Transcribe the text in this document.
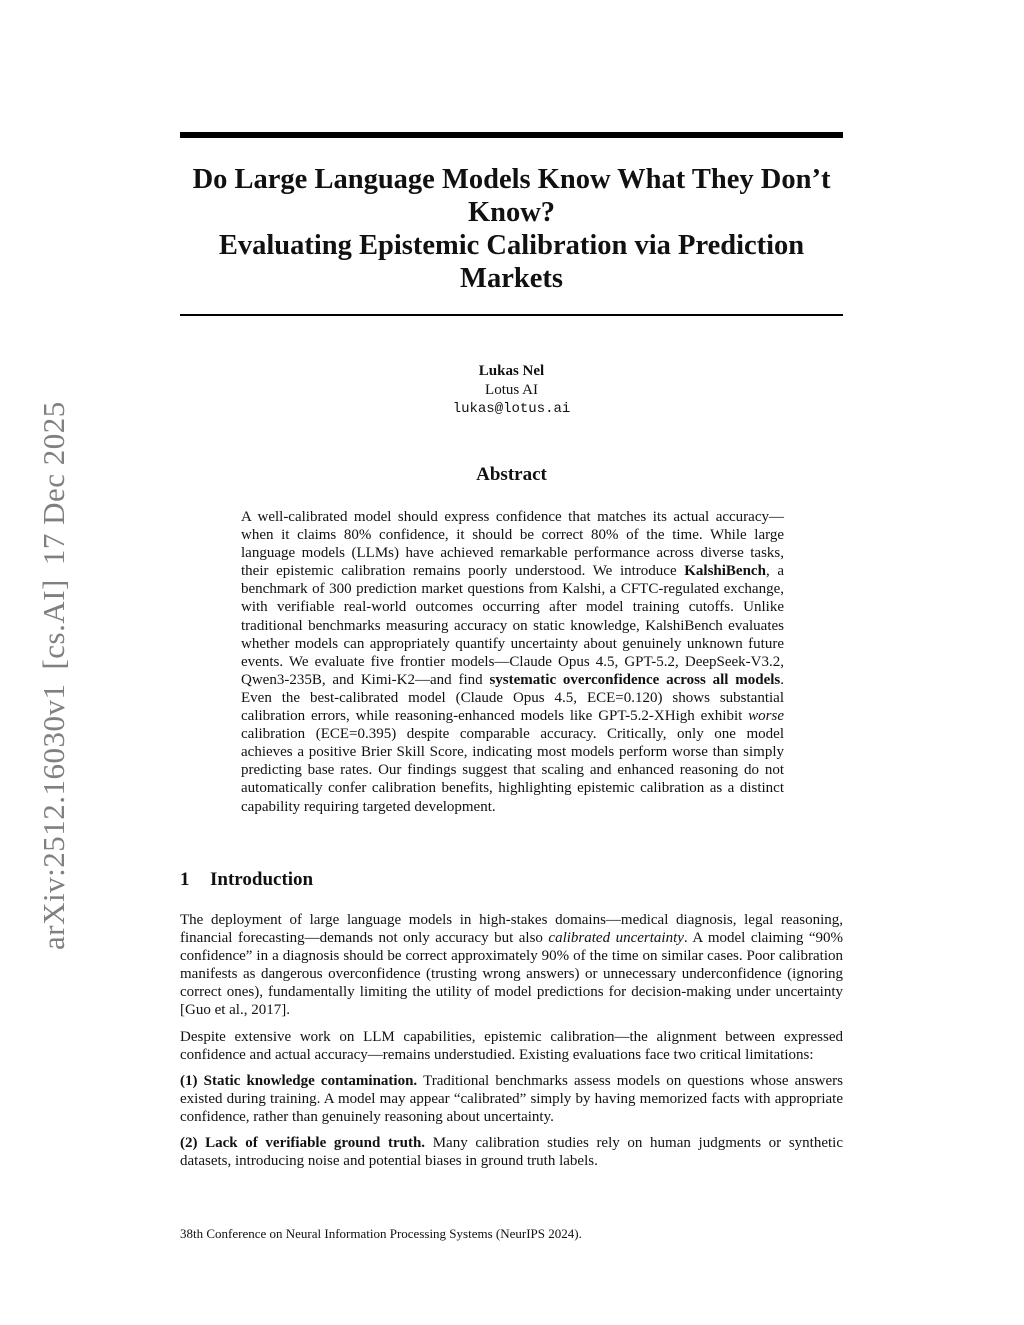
arXiv:2512.16030v1[cs.AI]17 Dec 2025
Do Large Language Models Know What They Don’t
Know?
Evaluating Epistemic Calibration via Prediction
Markets
Lukas Nel
Lotus AI
lukas@lotus.ai
Abstract
A well-calibrated model should express confidence that matches its actual accuracy—when it claims 80% confidence, it should be correct 80% of the time. While large language models (LLMs) have achieved remarkable performance across diverse tasks, their epistemic calibration remains poorly understood. We introduce KalshiBench, a benchmark of 300 prediction market questions from Kalshi, a CFTC-regulated exchange, with verifiable real-world outcomes occurring after model training cutoffs. Unlike traditional benchmarks measuring accuracy on static knowledge, KalshiBench evaluates whether models can appropriately quantify uncertainty about genuinely unknown future events. We evaluate five frontier models—Claude Opus 4.5, GPT-5.2, DeepSeek-V3.2, Qwen3-235B, and Kimi-K2—and find systematic overconfidence across all models. Even the best-calibrated model (Claude Opus 4.5, ECE=0.120) shows substantial calibration errors, while reasoning-enhanced models like GPT-5.2-XHigh exhibit worse calibration (ECE=0.395) despite comparable accuracy. Critically, only one model achieves a positive Brier Skill Score, indicating most models perform worse than simply predicting base rates. Our findings suggest that scaling and enhanced reasoning do not automatically confer calibration benefits, highlighting epistemic calibration as a distinct capability requiring targeted development.
1 Introduction

The deployment of large language models in high-stakes domains—medical diagnosis, legal reasoning, financial forecasting—demands not only accuracy but also calibrated uncertainty. A model claiming “90% confidence” in a diagnosis should be correct approximately 90% of the time on similar cases. Poor calibration manifests as dangerous overconfidence (trusting wrong answers) or unnecessary underconfidence (ignoring correct ones), fundamentally limiting the utility of model predictions for decision-making under uncertainty [Guo et al., 2017].

Despite extensive work on LLM capabilities, epistemic calibration—the alignment between expressed confidence and actual accuracy—remains understudied. Existing evaluations face two critical limitations:

(1) Static knowledge contamination. Traditional benchmarks assess models on questions whose answers existed during training. A model may appear “calibrated” simply by having memorized facts with appropriate confidence, rather than genuinely reasoning about uncertainty.

(2) Lack of verifiable ground truth. Many calibration studies rely on human judgments or synthetic datasets, introducing noise and potential biases in ground truth labels.

38th Conference on Neural Information Processing Systems (NeurIPS 2024).
